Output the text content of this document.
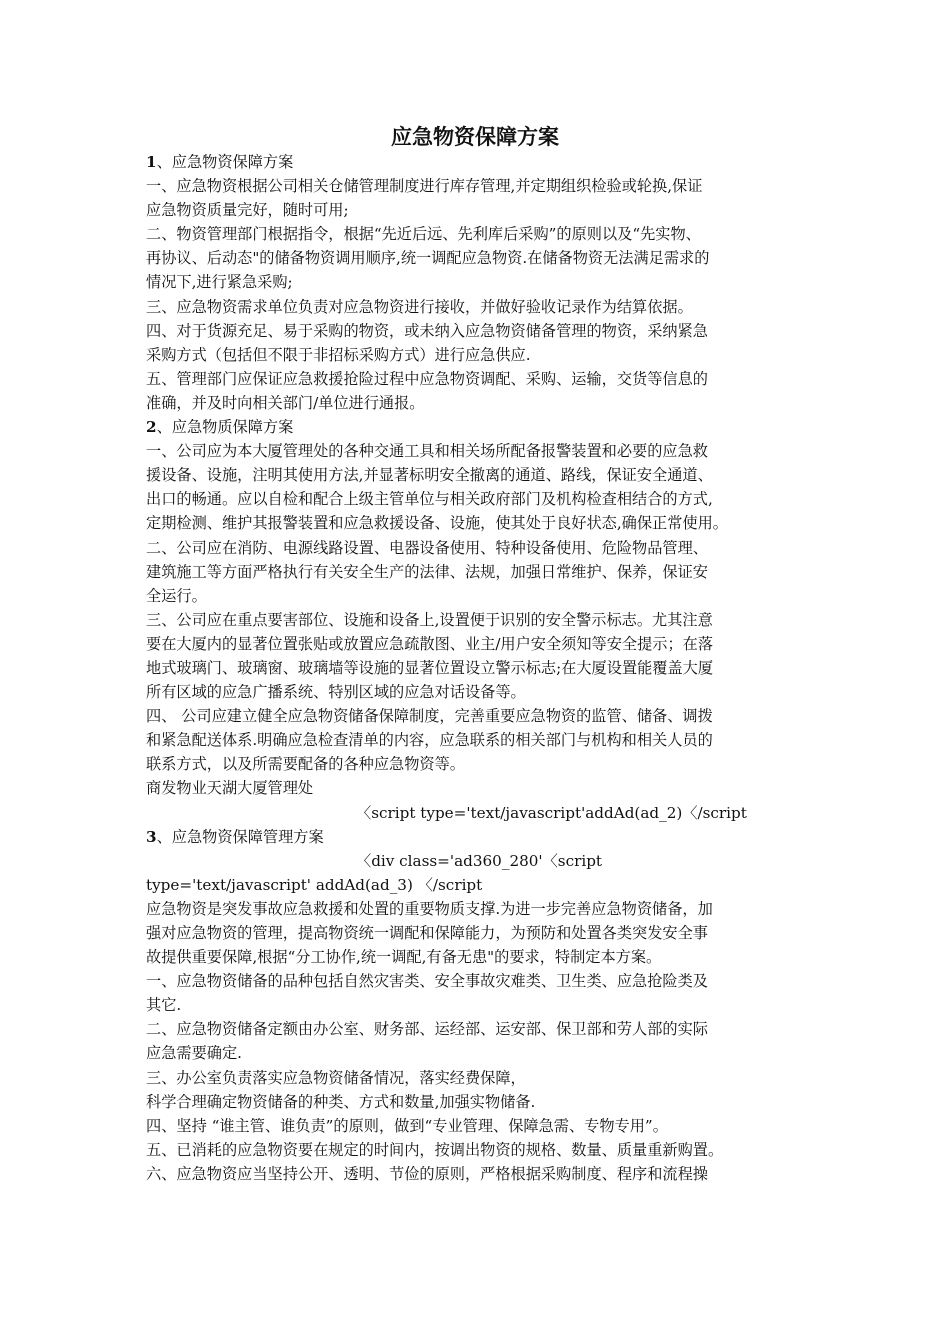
应急物资保障方案
1、应急物资保障方案
一、应急物资根据公司相关仓储管理制度进行库存管理,并定期组织检验或轮换,保证
应急物资质量完好，随时可用;
二、物资管理部门根据指令，根据“先近后远、先利库后采购”的原则以及“先实物、
再协议、后动态"的储备物资调用顺序,统一调配应急物资.在储备物资无法满足需求的
情况下,进行紧急采购;
三、应急物资需求单位负责对应急物资进行接收，并做好验收记录作为结算依据。
四、对于货源充足、易于采购的物资，或未纳入应急物资储备管理的物资，采纳紧急
采购方式（包括但不限于非招标采购方式）进行应急供应.
五、管理部门应保证应急救援抢险过程中应急物资调配、采购、运输，交货等信息的
准确，并及时向相关部门/单位进行通报。
2、应急物质保障方案
一、公司应为本大厦管理处的各种交通工具和相关场所配备报警装置和必要的应急救
援设备、设施，注明其使用方法,并显著标明安全撤离的通道、路线，保证安全通道、
出口的畅通。应以自检和配合上级主管单位与相关政府部门及机构检查相结合的方式,
定期检测、维护其报警装置和应急救援设备、设施，使其处于良好状态,确保正常使用。
二、公司应在消防、电源线路设置、电器设备使用、特种设备使用、危险物品管理、
建筑施工等方面严格执行有关安全生产的法律、法规，加强日常维护、保养，保证安
全运行。
三、公司应在重点要害部位、设施和设备上,设置便于识别的安全警示标志。尤其注意
要在大厦内的显著位置张贴或放置应急疏散图、业主/用户安全须知等安全提示；在落
地式玻璃门、玻璃窗、玻璃墙等设施的显著位置设立警示标志;在大厦设置能覆盖大厦
所有区域的应急广播系统、特别区域的应急对话设备等。
四、 公司应建立健全应急物资储备保障制度，完善重要应急物资的监管、储备、调拨
和紧急配送体系.明确应急检查清单的内容，应急联系的相关部门与机构和相关人员的
联系方式，以及所需要配备的各种应急物资等。
商发物业天湖大厦管理处
〈script type='text/javascript'addAd(ad_2)〈/script
3、应急物资保障管理方案
〈div class='ad360_280'〈script
type='text/javascript' addAd(ad_3) 〈/script
应急物资是突发事故应急救援和处置的重要物质支撑.为进一步完善应急物资储备，加
强对应急物资的管理，提高物资统一调配和保障能力，为预防和处置各类突发安全事
故提供重要保障,根据“分工协作,统一调配,有备无患"的要求，特制定本方案。
一、应急物资储备的品种包括自然灾害类、安全事故灾难类、卫生类、应急抢险类及
其它.
二、应急物资储备定额由办公室、财务部、运经部、运安部、保卫部和劳人部的实际
应急需要确定.
三、办公室负责落实应急物资储备情况，落实经费保障，
科学合理确定物资储备的种类、方式和数量,加强实物储备.
四、坚持 “谁主管、谁负责”的原则，做到“专业管理、保障急需、专物专用”。
五、已消耗的应急物资要在规定的时间内，按调出物资的规格、数量、质量重新购置。
六、应急物资应当坚持公开、透明、节俭的原则，严格根据采购制度、程序和流程操
